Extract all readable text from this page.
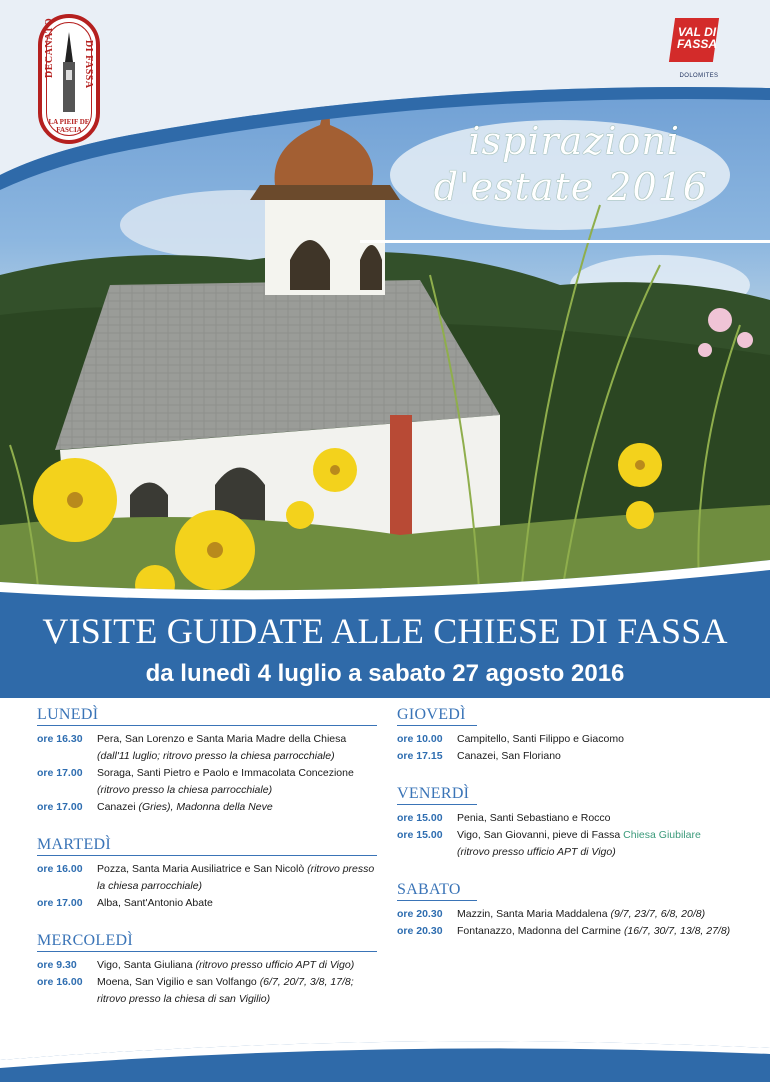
DECANATO	DI FASSA
LA PIEIF DE FASCIA
VAL DI
FASSA
DOLOMITES
ispirazioni
d'estate 2016
VISITE GUIDATE ALLE CHIESE DI FASSA
da lunedì 4 luglio a sabato 27 agosto 2016
LUNEDÌ
ore 16.30	Pera, San Lorenzo e Santa Maria Madre della Chiesa
(dall'11 luglio; ritrovo presso la chiesa parrocchiale)
ore 17.00	Soraga, Santi Pietro e Paolo e Immacolata Concezione
(ritrovo presso la chiesa parrocchiale)
ore 17.00	Canazei (Gries), Madonna della Neve
MARTEDÌ
ore 16.00	Pozza, Santa Maria Ausiliatrice e San Nicolò (ritrovo presso la chiesa parrocchiale)
ore 17.00	Alba, Sant'Antonio Abate
MERCOLEDÌ
ore 9.30	Vigo, Santa Giuliana (ritrovo presso ufficio APT di Vigo)
ore 16.00	Moena, San Vigilio e san Volfango (6/7, 20/7, 3/8, 17/8; ritrovo presso la chiesa di san Vigilio)
GIOVEDÌ
ore 10.00	Campitello, Santi Filippo e Giacomo
ore 17.15	Canazei, San Floriano
VENERDÌ
ore 15.00	Penia, Santi Sebastiano e Rocco
ore 15.00	Vigo, San Giovanni, pieve di Fassa Chiesa Giubilare
(ritrovo presso ufficio APT di Vigo)
SABATO
ore 20.30	Mazzin, Santa Maria Maddalena (9/7, 23/7, 6/8, 20/8)
ore 20.30	Fontanazzo, Madonna del Carmine (16/7, 30/7, 13/8, 27/8)
